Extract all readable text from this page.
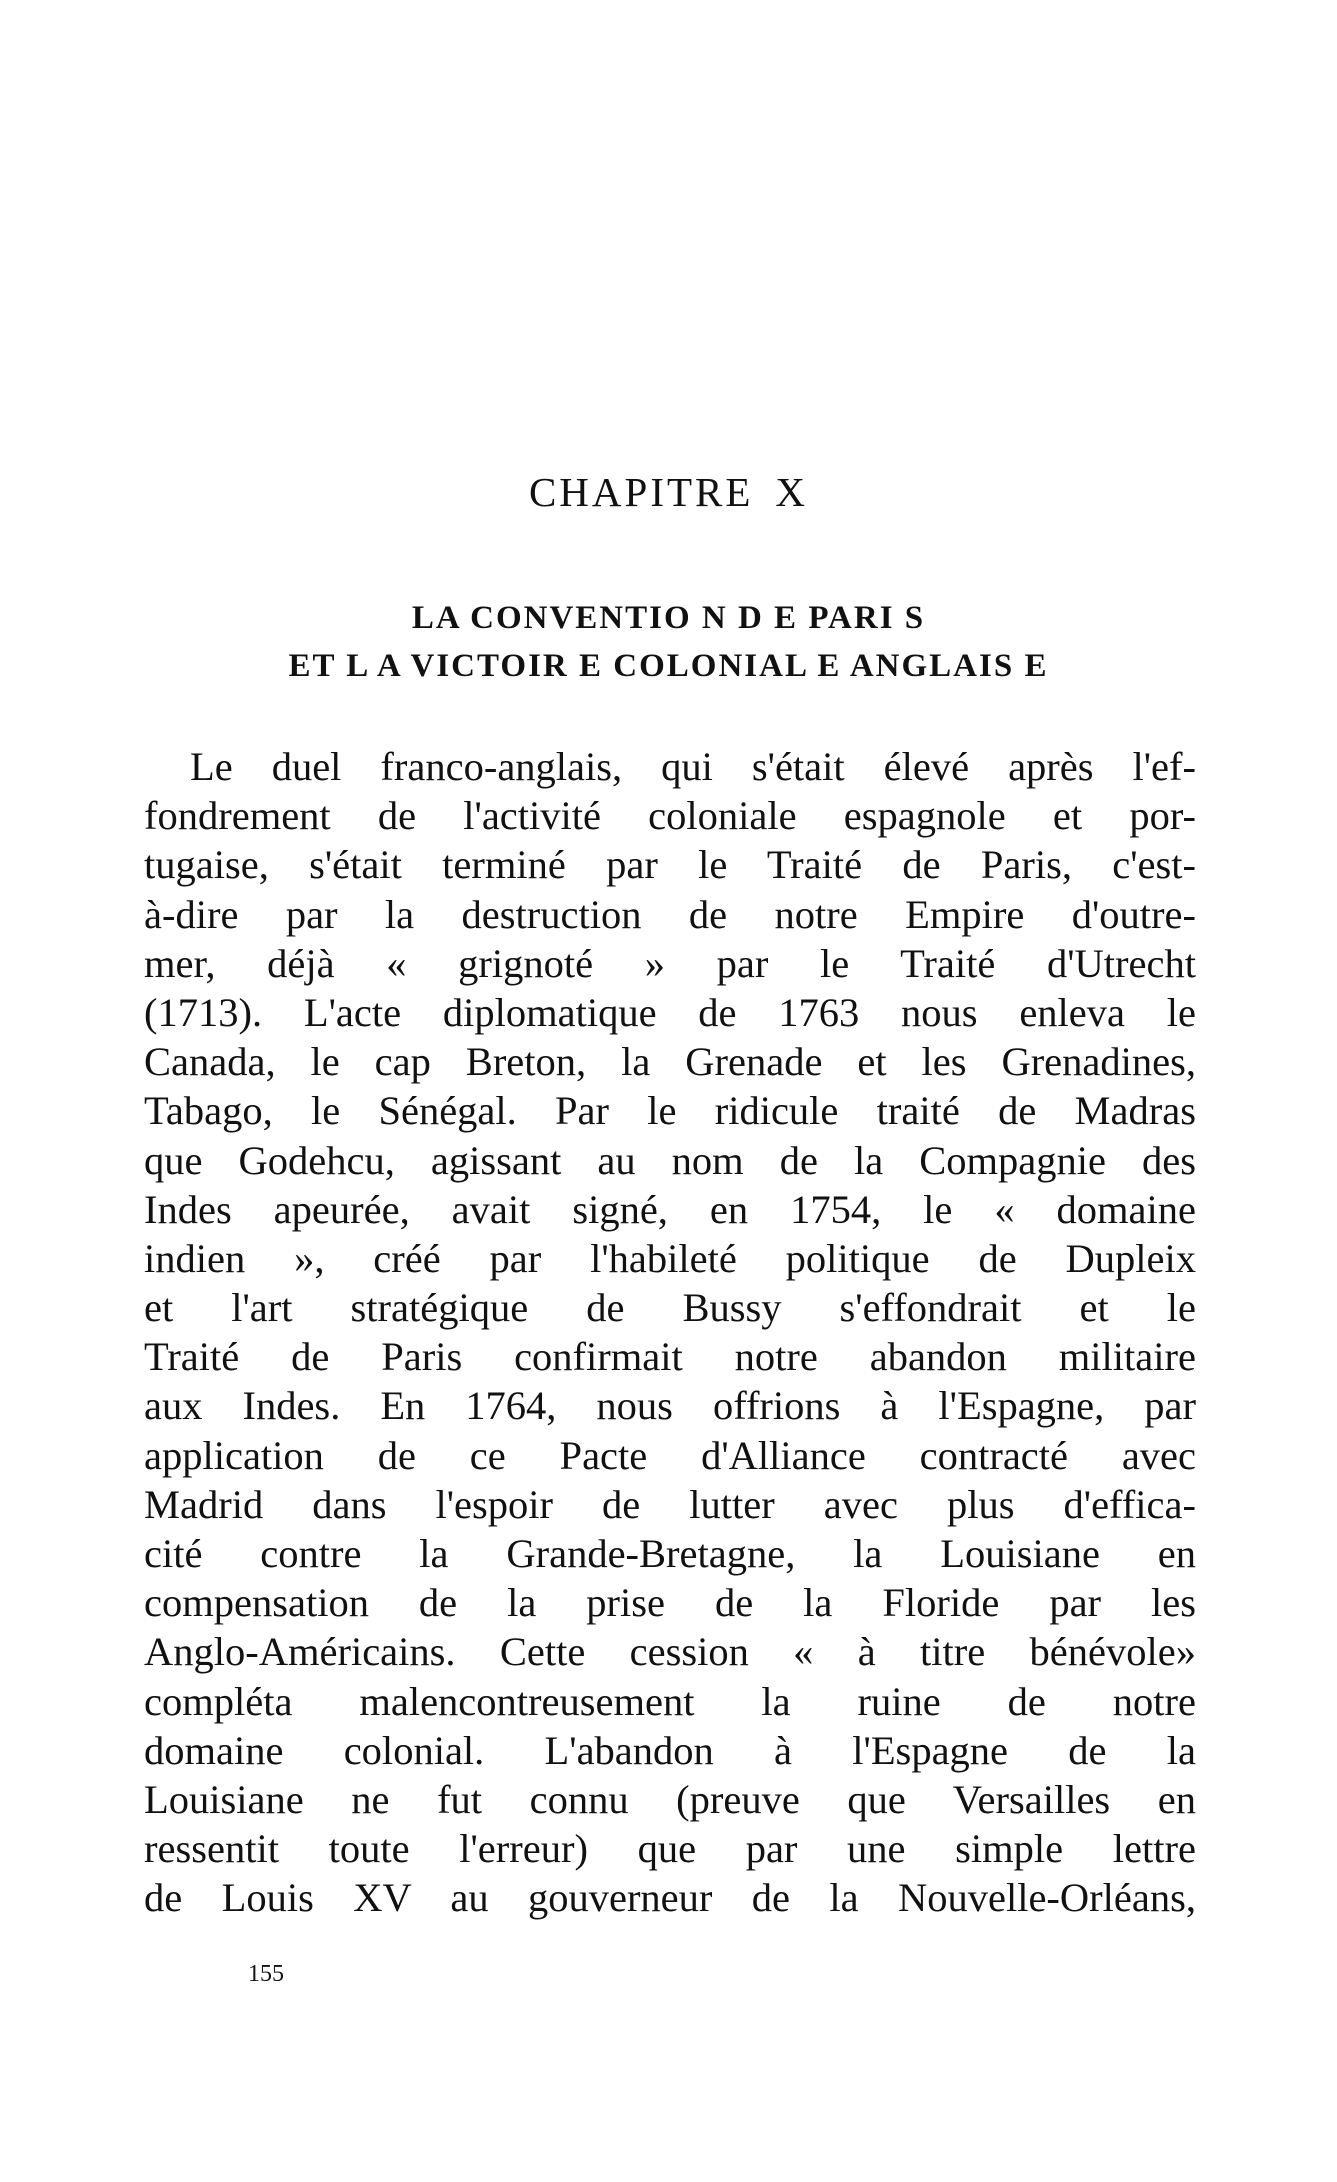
CHAPITRE X
LA CONVENTIO N D E PARI S
ET L A VICTOIR E COLONIAL E ANGLAIS E
Le duel franco-anglais, qui s'était élevé après l'ef-
fondrement de l'activité coloniale espagnole et por-
tugaise, s'était terminé par le Traité de Paris, c'est-
à-dire par la destruction de notre Empire d'outre-
mer, déjà « grignoté » par le Traité d'Utrecht
(1713). L'acte diplomatique de 1763 nous enleva le
Canada, le cap Breton, la Grenade et les Grenadines,
Tabago, le Sénégal. Par le ridicule traité de Madras
que Godehcu, agissant au nom de la Compagnie des
Indes apeurée, avait signé, en 1754, le « domaine
indien », créé par l'habileté politique de Dupleix
et l'art stratégique de Bussy s'effondrait et le
Traité de Paris confirmait notre abandon militaire
aux Indes. En 1764, nous offrions à l'Espagne, par
application de ce Pacte d'Alliance contracté avec
Madrid dans l'espoir de lutter avec plus d'effica-
cité contre la Grande-Bretagne, la Louisiane en
compensation de la prise de la Floride par les
Anglo-Américains. Cette cession « à titre bénévole»
compléta malencontreusement la ruine de notre
domaine colonial. L'abandon à l'Espagne de la
Louisiane ne fut connu (preuve que Versailles en
ressentit toute l'erreur) que par une simple lettre
de Louis XV au gouverneur de la Nouvelle-Orléans,
155
